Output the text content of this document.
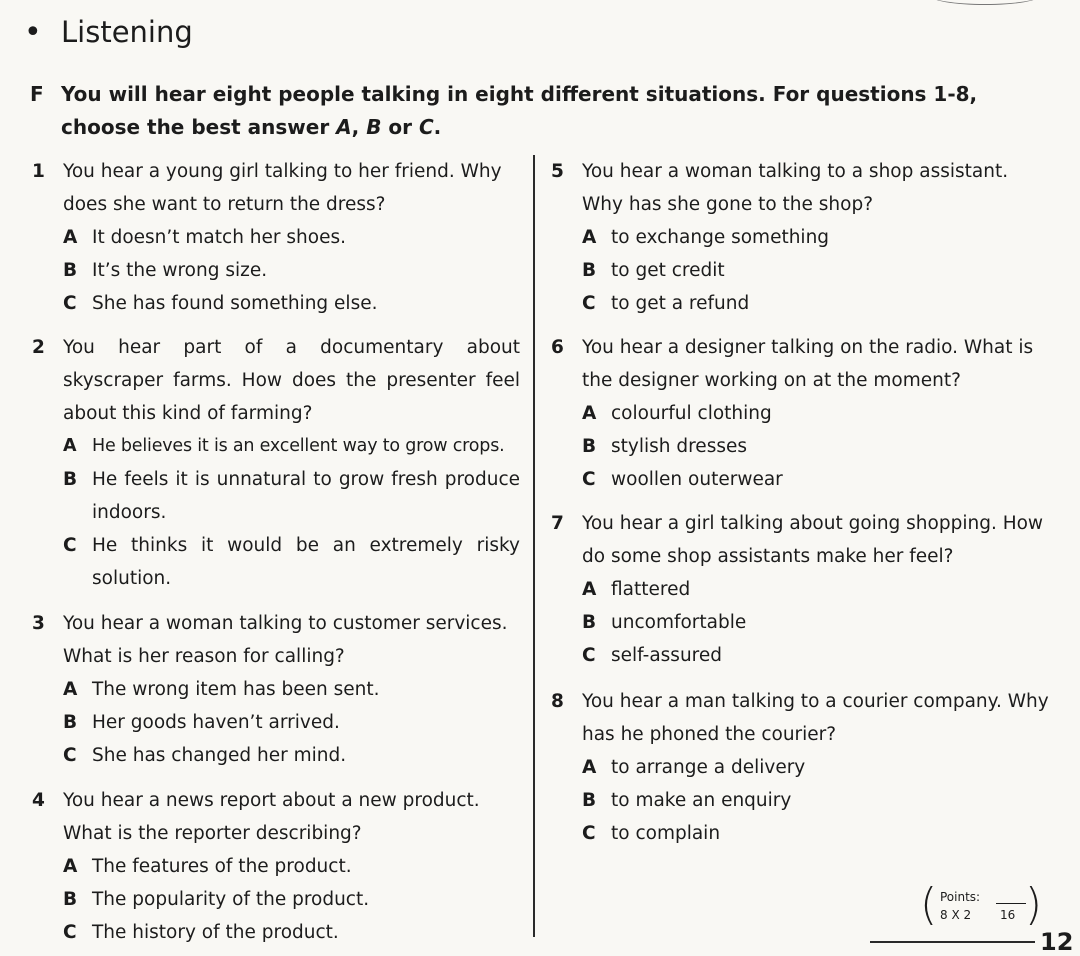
• Listening
F You will hear eight people talking in eight different situations. For questions 1-8, choose the best answer A, B or C.
1 You hear a young girl talking to her friend. Why does she want to return the dress?
A It doesn’t match her shoes.
B It’s the wrong size.
C She has found something else.
2 You hear part of a documentary about skyscraper farms. How does the presenter feel about this kind of farming?
A He believes it is an excellent way to grow crops.
B He feels it is unnatural to grow fresh produce indoors.
C He thinks it would be an extremely risky solution.
3 You hear a woman talking to customer services. What is her reason for calling?
A The wrong item has been sent.
B Her goods haven’t arrived.
C She has changed her mind.
4 You hear a news report about a new product. What is the reporter describing?
A The features of the product.
B The popularity of the product.
C The history of the product.
5 You hear a woman talking to a shop assistant. Why has she gone to the shop?
A to exchange something
B to get credit
C to get a refund
6 You hear a designer talking on the radio. What is the designer working on at the moment?
A colourful clothing
B stylish dresses
C woollen outerwear
7 You hear a girl talking about going shopping. How do some shop assistants make her feel?
A flattered
B uncomfortable
C self-assured
8 You hear a man talking to a courier company. Why has he phoned the courier?
A to arrange a delivery
B to make an enquiry
C to complain
( Points:
8 X 2 16 )
12
